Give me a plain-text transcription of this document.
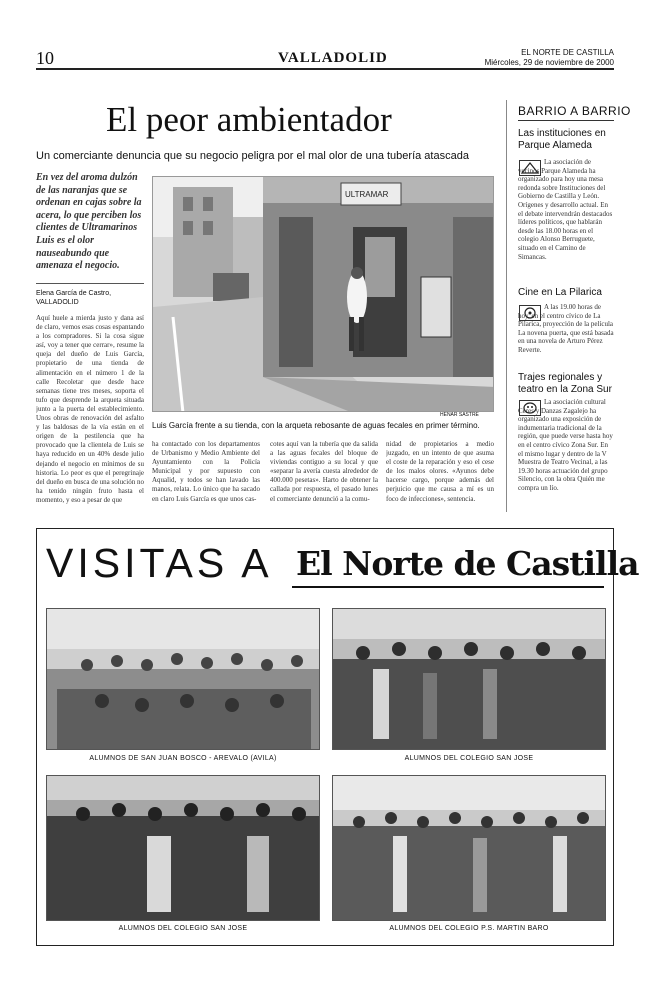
10	VALLADOLID	EL NORTE DE CASTILLA
Miércoles, 29 de noviembre de 2000
El peor ambientador
Un comerciante denuncia que su negocio peligra por el mal olor de una tubería atascada
En vez del aroma dulzón de las naranjas que se ordenan en cajas sobre la acera, lo que perciben los clientes de Ultramarinos Luis es el olor nauseabundo que amenaza el negocio.
Elena García de Castro,
VALLADOLID
Aquí huele a mierda justo y dana así de claro, vemos esas cosas espantando a los compradores. Si la cosa sigue así, voy a tener que cerrar», resume la queja del dueño de Luis García, propietario de una tienda de alimentación en el número 1 de la calle Recoletar que desde hace semanas tiene tres meses, soporta el tufo que desprende la arqueta situada junto a la puerta del establecimiento. Unos obras de renovación del asfalto y las baldosas de la vía están en el origen de la pestilencia que ha provocado que la clientela de Luis se haya reducido en un 40% desde julio dejando el negocio en mínimos de su historia. Lo peor es que el peregrinaje del dueño en busca de una solución no ha tenido ningún fruto hasta el momento, y eso a pesar de que
ULTRAMAR
HENAR SASTRE
Luis García frente a su tienda, con la arqueta rebosante de aguas fecales en primer término.
ha contactado con los departamentos de Urbanismo y Medio Ambiente del Ayuntamiento con la Policía Municipal y por supuesto con Aqualid, y todos se han lavado las manos, relata. Lo único que ha sacado en claro Luis García es que unos cas-
cotes aquí van la tubería que da salida a las aguas fecales del bloque de viviendas contiguo a su local y que «separar la avería cuesta alrededor de 400.000 pesetas». Harto de obtener la callada por respuesta, el pasado lunes el comerciante denunció a la comu-
nidad de propietarios a medio juzgado, en un intento de que asuma el coste de la reparación y eso el cese de los malos olores. «Ayunos debe hacerse cargo, porque además del perjuicio que me causa a mí es un foco de infecciones», sentencia.
BARRIO A BARRIO
Las instituciones en Parque Alameda
La asociación de vecinos Parque Alameda ha organizado para hoy una mesa redonda sobre Instituciones del Gobierno de Castilla y León. Orígenes y desarrollo actual. En el debate intervendrán destacados líderes políticos, que hablarán desde las 18.00 horas en el colegio Alonso Berruguete, situado en el Camino de Simancas.
Cine en La Pilarica
A las 19.00 horas de hoy, en el centro cívico de La Pilarica, proyección de la película La novena puerta, que está basada en una novela de Arturo Pérez Reverte.
Trajes regionales y teatro en la Zona Sur
La asociación cultural Ceres y Danzas Zagalejo ha organizado una exposición de indumentaria tradicional de la región, que puede verse hasta hoy en el centro cívico Zona Sur. En el mismo lugar y dentro de la V Muestra de Teatro Vecinal, a las 19.30 horas actuación del grupo Silencio, con la obra Quién me compra un lío.
VISITAS A El Norte de Castilla
ALUMNOS DE SAN JUAN BOSCO - AREVALO (AVILA)	ALUMNOS DEL COLEGIO SAN JOSE
ALUMNOS DEL COLEGIO SAN JOSE	ALUMNOS DEL COLEGIO P.S. MARTIN BARO
